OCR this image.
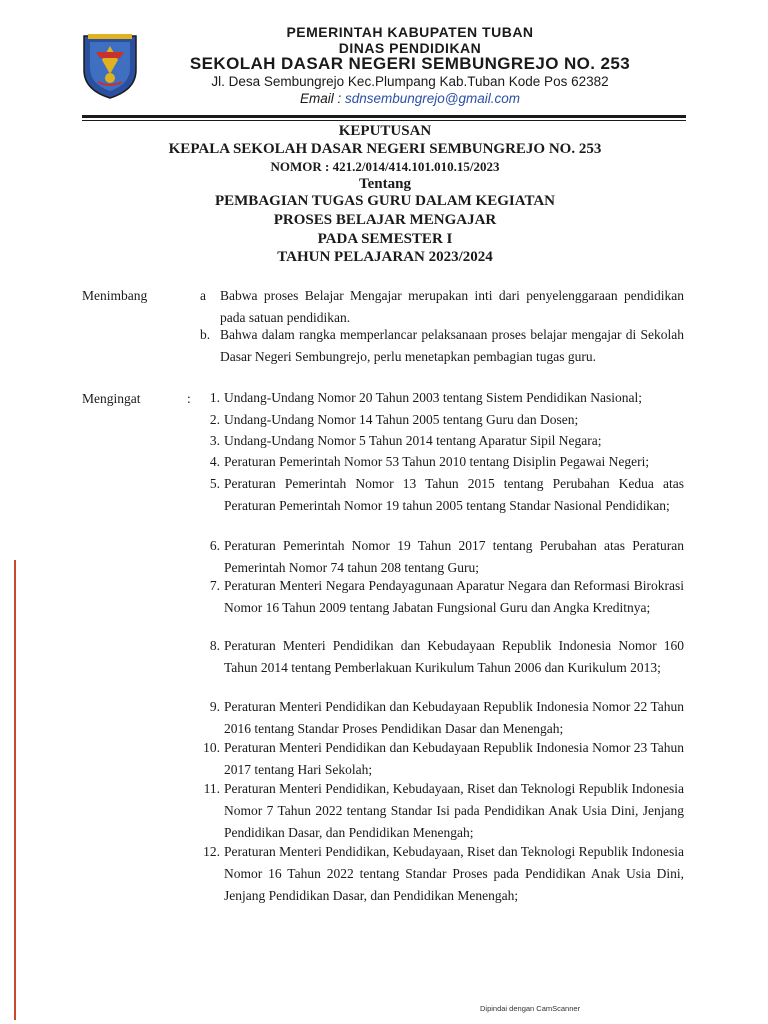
PEMERINTAH KABUPATEN TUBAN
DINAS PENDIDIKAN
SEKOLAH DASAR NEGERI SEMBUNGREJO NO. 253
Jl. Desa Sembungrejo Kec.Plumpang Kab.Tuban Kode Pos 62382
Email : sdnsembungrejo@gmail.com
KEPUTUSAN
KEPALA SEKOLAH DASAR NEGERI SEMBUNGREJO NO. 253
NOMOR : 421.2/014/414.101.010.15/2023
Tentang
PEMBAGIAN TUGAS GURU DALAM KEGIATAN
PROSES BELAJAR MENGAJAR
PADA SEMESTER I
TAHUN PELAJARAN 2023/2024
Menimbang	a	Babwa proses Belajar Mengajar merupakan inti dari penyelenggaraan pendidikan pada satuan pendidikan.
b. Bahwa dalam rangka memperlancar pelaksanaan proses belajar mengajar di Sekolah Dasar Negeri Sembungrejo, perlu menetapkan pembagian tugas guru.
Mengingat	:	1. Undang-Undang Nomor 20 Tahun 2003 tentang Sistem Pendidikan Nasional;
2. Undang-Undang Nomor 14 Tahun 2005 tentang Guru dan Dosen;
3. Undang-Undang Nomor 5 Tahun 2014 tentang Aparatur Sipil Negara;
4. Peraturan Pemerintah Nomor 53 Tahun 2010 tentang Disiplin Pegawai Negeri;
5. Peraturan Pemerintah Nomor 13 Tahun 2015 tentang Perubahan Kedua atas Peraturan Pemerintah Nomor 19 tahun 2005 tentang Standar Nasional Pendidikan;
6. Peraturan Pemerintah Nomor 19 Tahun 2017 tentang Perubahan atas Peraturan Pemerintah Nomor 74 tahun 208 tentang Guru;
7. Peraturan Menteri Negara Pendayagunaan Aparatur Negara dan Reformasi Birokrasi Nomor 16 Tahun 2009 tentang Jabatan Fungsional Guru dan Angka Kreditnya;
8. Peraturan Menteri Pendidikan dan Kebudayaan Republik Indonesia Nomor 160 Tahun 2014 tentang Pemberlakuan Kurikulum Tahun 2006 dan Kurikulum 2013;
9. Peraturan Menteri Pendidikan dan Kebudayaan Republik Indonesia Nomor 22 Tahun 2016 tentang Standar Proses Pendidikan Dasar dan Menengah;
10. Peraturan Menteri Pendidikan dan Kebudayaan Republik Indonesia Nomor 23 Tahun 2017 tentang Hari Sekolah;
11. Peraturan Menteri Pendidikan, Kebudayaan, Riset dan Teknologi Republik Indonesia Nomor 7 Tahun 2022 tentang Standar Isi pada Pendidikan Anak Usia Dini, Jenjang Pendidikan Dasar, dan Pendidikan Menengah;
12. Peraturan Menteri Pendidikan, Kebudayaan, Riset dan Teknologi Republik Indonesia Nomor 16 Tahun 2022 tentang Standar Proses pada Pendidikan Anak Usia Dini, Jenjang Pendidikan Dasar, dan Pendidikan Menengah;
Dipindai dengan CamScanner
